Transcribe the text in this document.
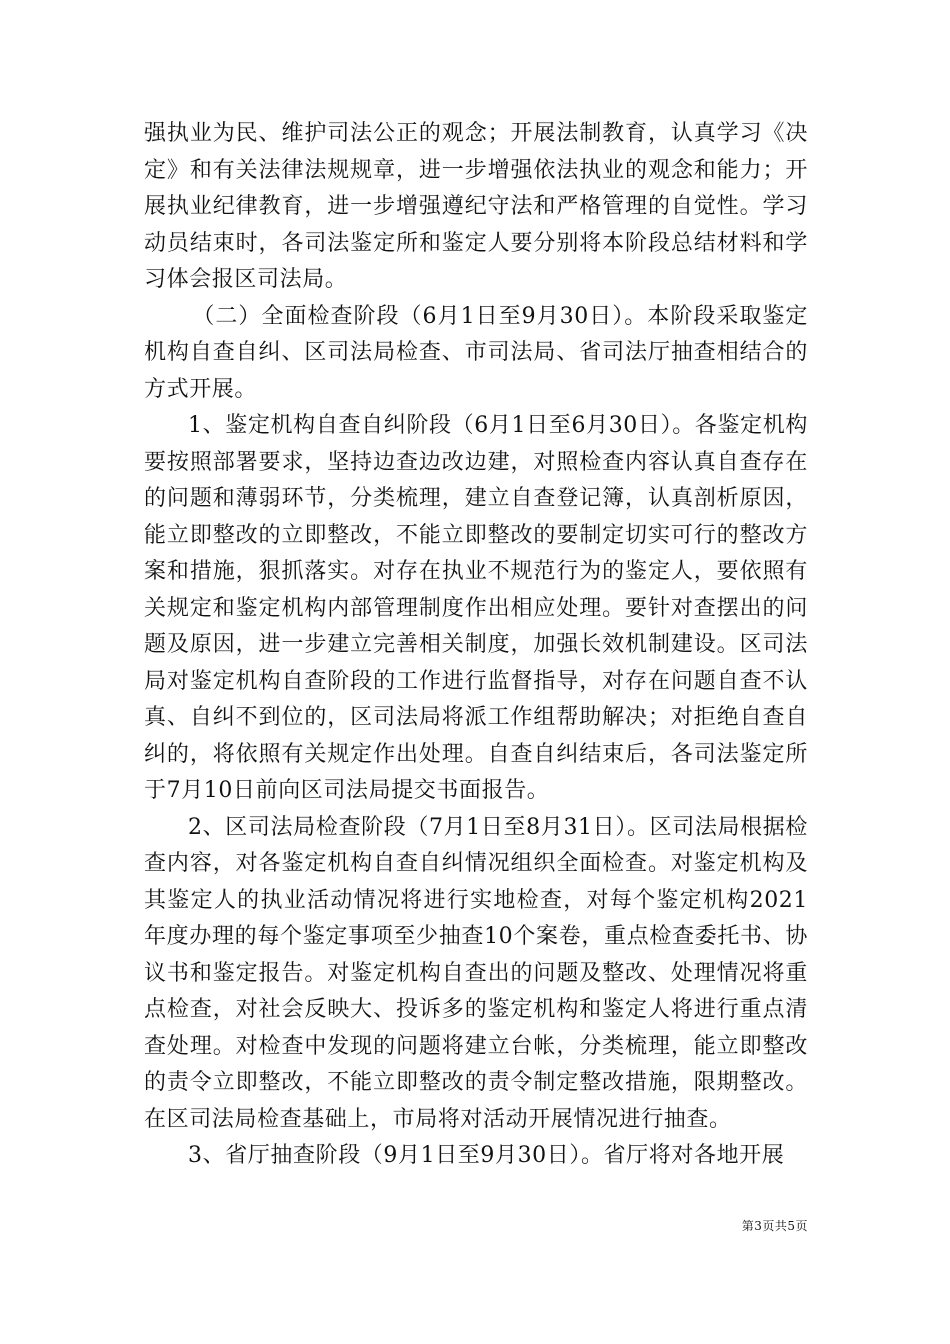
强执业为民、维护司法公正的观念；开展法制教育，认真学习《决定》和有关法律法规规章，进一步增强依法执业的观念和能力；开展执业纪律教育，进一步增强遵纪守法和严格管理的自觉性。学习动员结束时，各司法鉴定所和鉴定人要分别将本阶段总结材料和学习体会报区司法局。

（二）全面检查阶段（6月1日至9月30日）。本阶段采取鉴定机构自查自纠、区司法局检查、市司法局、省司法厅抽查相结合的方式开展。

1、鉴定机构自查自纠阶段（6月1日至6月30日）。各鉴定机构要按照部署要求，坚持边查边改边建，对照检查内容认真自查存在的问题和薄弱环节，分类梳理，建立自查登记簿，认真剖析原因，能立即整改的立即整改，不能立即整改的要制定切实可行的整改方案和措施，狠抓落实。对存在执业不规范行为的鉴定人，要依照有关规定和鉴定机构内部管理制度作出相应处理。要针对查摆出的问题及原因，进一步建立完善相关制度，加强长效机制建设。区司法局对鉴定机构自查阶段的工作进行监督指导，对存在问题自查不认真、自纠不到位的，区司法局将派工作组帮助解决；对拒绝自查自纠的，将依照有关规定作出处理。自查自纠结束后，各司法鉴定所于7月10日前向区司法局提交书面报告。

2、区司法局检查阶段（7月1日至8月31日）。区司法局根据检查内容，对各鉴定机构自查自纠情况组织全面检查。对鉴定机构及其鉴定人的执业活动情况将进行实地检查，对每个鉴定机构2021年度办理的每个鉴定事项至少抽查10个案卷，重点检查委托书、协议书和鉴定报告。对鉴定机构自查出的问题及整改、处理情况将重点检查，对社会反映大、投诉多的鉴定机构和鉴定人将进行重点清查处理。对检查中发现的问题将建立台帐，分类梳理，能立即整改的责令立即整改，不能立即整改的责令制定整改措施，限期整改。在区司法局检查基础上，市局将对活动开展情况进行抽查。

3、省厅抽查阶段（9月1日至9月30日）。省厅将对各地开展

第3页共5页
